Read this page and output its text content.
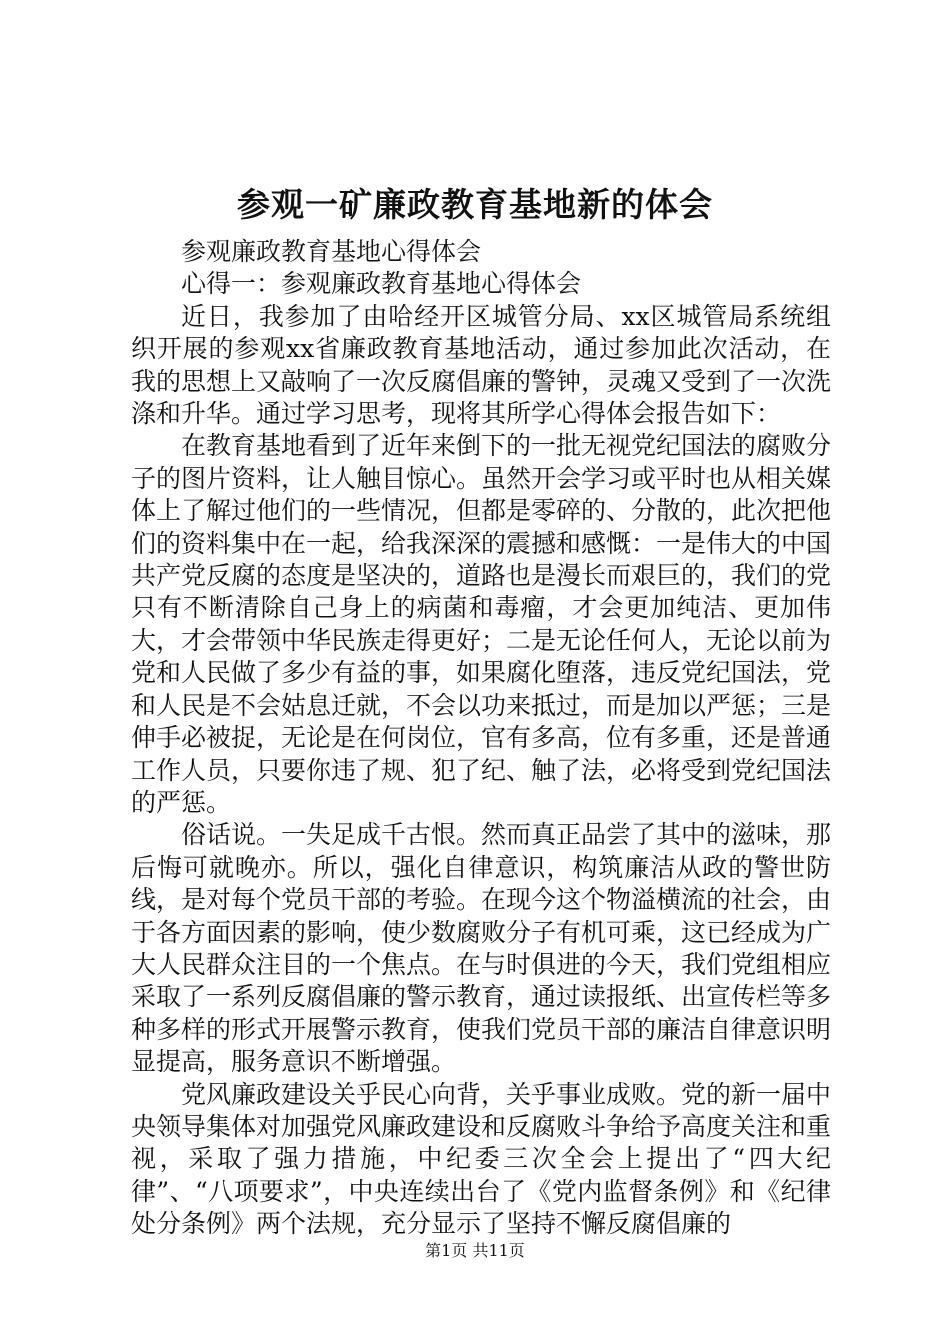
参观一矿廉政教育基地新的体会

参观廉政教育基地心得体会

心得一：参观廉政教育基地心得体会

近日，我参加了由哈经开区城管分局、xx区城管局系统组织开展的参观xx省廉政教育基地活动，通过参加此次活动，在我的思想上又敲响了一次反腐倡廉的警钟，灵魂又受到了一次洗涤和升华。通过学习思考，现将其所学心得体会报告如下：

在教育基地看到了近年来倒下的一批无视党纪国法的腐败分子的图片资料，让人触目惊心。虽然开会学习或平时也从相关媒体上了解过他们的一些情况，但都是零碎的、分散的，此次把他们的资料集中在一起，给我深深的震撼和感慨：一是伟大的中国共产党反腐的态度是坚决的，道路也是漫长而艰巨的，我们的党只有不断清除自己身上的病菌和毒瘤，才会更加纯洁、更加伟大，才会带领中华民族走得更好；二是无论任何人，无论以前为党和人民做了多少有益的事，如果腐化堕落，违反党纪国法，党和人民是不会姑息迁就，不会以功来抵过，而是加以严惩；三是伸手必被捉，无论是在何岗位，官有多高，位有多重，还是普通工作人员，只要你违了规、犯了纪、触了法，必将受到党纪国法的严惩。

俗话说。一失足成千古恨。然而真正品尝了其中的滋味，那后悔可就晚亦。所以，强化自律意识，构筑廉洁从政的警世防线，是对每个党员干部的考验。在现今这个物溢横流的社会，由于各方面因素的影响，使少数腐败分子有机可乘，这已经成为广大人民群众注目的一个焦点。在与时俱进的今天，我们党组相应采取了一系列反腐倡廉的警示教育，通过读报纸、出宣传栏等多种多样的形式开展警示教育，使我们党员干部的廉洁自律意识明显提高，服务意识不断增强。

党风廉政建设关乎民心向背，关乎事业成败。党的新一届中央领导集体对加强党风廉政建设和反腐败斗争给予高度关注和重视，采取了强力措施，中纪委三次全会上提出了“四大纪律”、“八项要求”，中央连续出台了《党内监督条例》和《纪律处分条例》两个法规，充分显示了坚持不懈反腐倡廉的

第1页 共11页
